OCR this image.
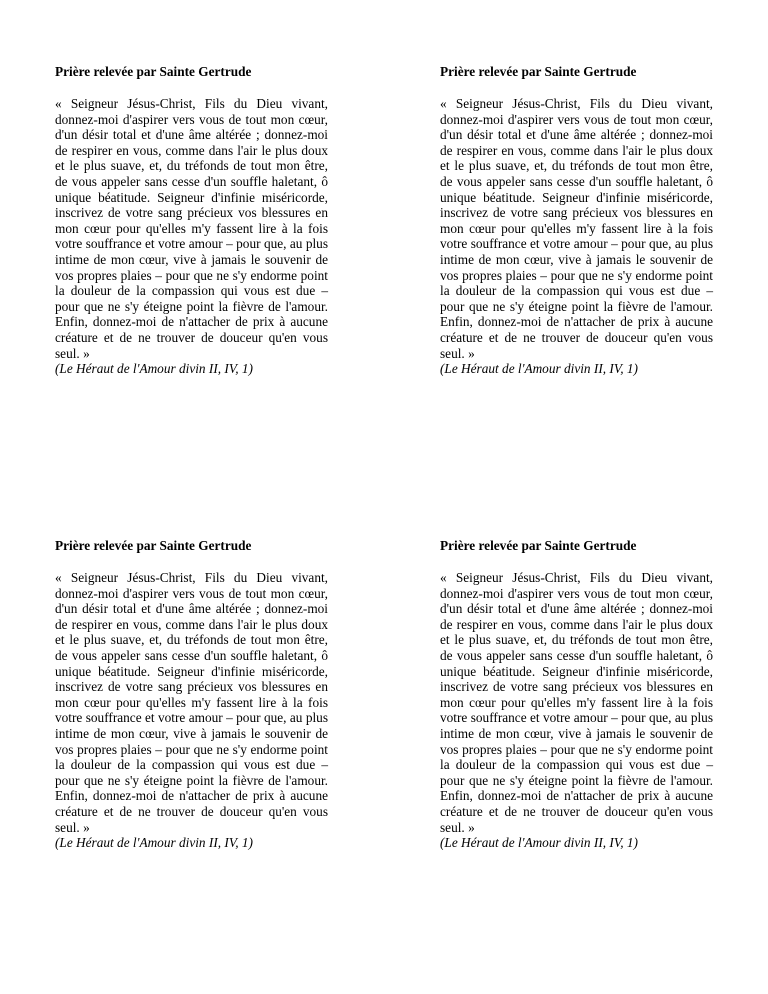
Prière relevée par Sainte Gertrude

« Seigneur Jésus-Christ, Fils du Dieu vivant, donnez-moi d'aspirer vers vous de tout mon cœur, d'un désir total et d'une âme altérée ; donnez-moi de respirer en vous, comme dans l'air le plus doux et le plus suave, et, du tréfonds de tout mon être, de vous appeler sans cesse d'un souffle haletant, ô unique béatitude. Seigneur d'infinie miséricorde, inscrivez de votre sang précieux vos blessures en mon cœur pour qu'elles m'y fassent lire à la fois votre souffrance et votre amour – pour que, au plus intime de mon cœur, vive à jamais le souvenir de vos propres plaies – pour que ne s'y endorme point la douleur de la compassion qui vous est due – pour que ne s'y éteigne point la fièvre de l'amour. Enfin, donnez-moi de n'attacher de prix à aucune créature et de ne trouver de douceur qu'en vous seul. »

(Le Héraut de l'Amour divin II, IV, 1)

Prière relevée par Sainte Gertrude

« Seigneur Jésus-Christ, Fils du Dieu vivant, donnez-moi d'aspirer vers vous de tout mon cœur, d'un désir total et d'une âme altérée ; donnez-moi de respirer en vous, comme dans l'air le plus doux et le plus suave, et, du tréfonds de tout mon être, de vous appeler sans cesse d'un souffle haletant, ô unique béatitude. Seigneur d'infinie miséricorde, inscrivez de votre sang précieux vos blessures en mon cœur pour qu'elles m'y fassent lire à la fois votre souffrance et votre amour – pour que, au plus intime de mon cœur, vive à jamais le souvenir de vos propres plaies – pour que ne s'y endorme point la douleur de la compassion qui vous est due – pour que ne s'y éteigne point la fièvre de l'amour. Enfin, donnez-moi de n'attacher de prix à aucune créature et de ne trouver de douceur qu'en vous seul. »

(Le Héraut de l'Amour divin II, IV, 1)

Prière relevée par Sainte Gertrude

« Seigneur Jésus-Christ, Fils du Dieu vivant, donnez-moi d'aspirer vers vous de tout mon cœur, d'un désir total et d'une âme altérée ; donnez-moi de respirer en vous, comme dans l'air le plus doux et le plus suave, et, du tréfonds de tout mon être, de vous appeler sans cesse d'un souffle haletant, ô unique béatitude. Seigneur d'infinie miséricorde, inscrivez de votre sang précieux vos blessures en mon cœur pour qu'elles m'y fassent lire à la fois votre souffrance et votre amour – pour que, au plus intime de mon cœur, vive à jamais le souvenir de vos propres plaies – pour que ne s'y endorme point la douleur de la compassion qui vous est due – pour que ne s'y éteigne point la fièvre de l'amour. Enfin, donnez-moi de n'attacher de prix à aucune créature et de ne trouver de douceur qu'en vous seul. »

(Le Héraut de l'Amour divin II, IV, 1)

Prière relevée par Sainte Gertrude

« Seigneur Jésus-Christ, Fils du Dieu vivant, donnez-moi d'aspirer vers vous de tout mon cœur, d'un désir total et d'une âme altérée ; donnez-moi de respirer en vous, comme dans l'air le plus doux et le plus suave, et, du tréfonds de tout mon être, de vous appeler sans cesse d'un souffle haletant, ô unique béatitude. Seigneur d'infinie miséricorde, inscrivez de votre sang précieux vos blessures en mon cœur pour qu'elles m'y fassent lire à la fois votre souffrance et votre amour – pour que, au plus intime de mon cœur, vive à jamais le souvenir de vos propres plaies – pour que ne s'y endorme point la douleur de la compassion qui vous est due – pour que ne s'y éteigne point la fièvre de l'amour. Enfin, donnez-moi de n'attacher de prix à aucune créature et de ne trouver de douceur qu'en vous seul. »

(Le Héraut de l'Amour divin II, IV, 1)
